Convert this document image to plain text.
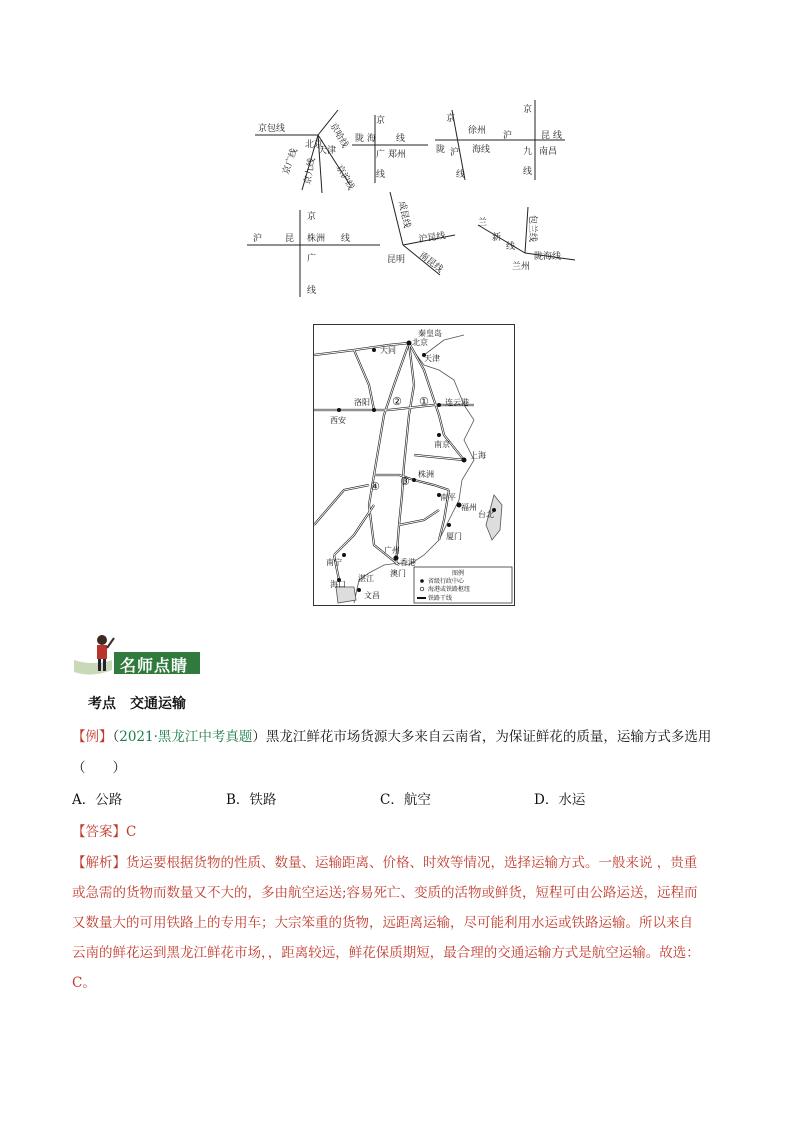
京包线
北京 京哈线
天津
京沪线
京广线 京九线
京
陇 海 线
广 郑州
线
京
徐州
陇 沪 海线
线
京
沪	昆 线
九 南昌
线
京
沪	昆 株洲 线
广
线
成昆线
沪昆线
昆明 南昆线
兰
新
线
包兰线
兰州
陇海线
秦皇岛
北京
大同
天津
洛阳
西安
连云港
南京
上海
株洲
南平
福州
台北
厦门
广州
香港
澳门
南宁
湛江
海口
文昌
①
②
③
④
图例
省级行政中心
海港或铁路枢纽
铁路干线
名师点睛
考点　交通运输
【例】（2021·黑龙江中考真题）黑龙江鲜花市场货源大多来自云南省，为保证鲜花的质量，运输方式多选用
（　　）
A．公路	B．铁路	C．航空	D．水运
【答案】C
【解析】货运要根据货物的性质、数量、运输距离、价格、时效等情况，选择运输方式。一般来说 ，贵重
或急需的货物而数量又不大的，多由航空运送;容易死亡、变质的活物或鲜货，短程可由公路运送，远程而
又数量大的可用铁路上的专用车；大宗笨重的货物，远距离运输，尽可能利用水运或铁路运输。所以来自
云南的鲜花运到黑龙江鲜花市场，，距离较远，鲜花保质期短，最合理的交通运输方式是航空运输。故选：
C。
